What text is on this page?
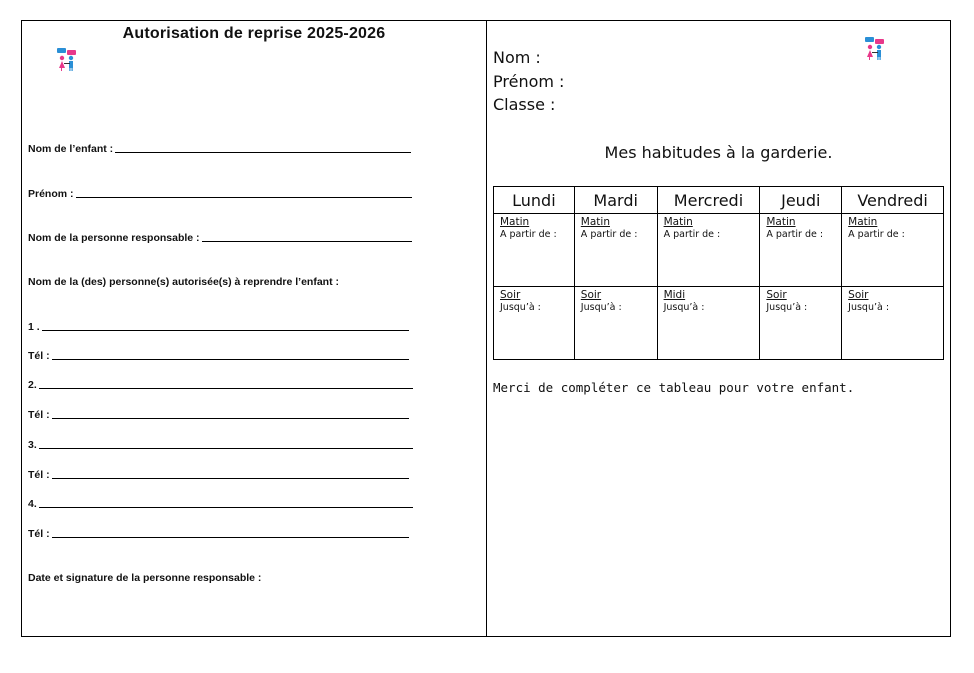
Autorisation de reprise 2025-2026
Nom de l’enfant :
Prénom :
Nom de la personne responsable :
Nom de la (des) personne(s) autorisée(s) à reprendre l’enfant :
1 .
Tél :
2.
Tél :
3.
Tél :
4.
Tél :
Date et signature de la personne responsable :
Nom :
Prénom :
Classe :
Mes habitudes à la garderie.
Lundi	Mardi	Mercredi	Jeudi	Vendredi

Matin
A partir de :	Matin
A partir de :	Matin
A partir de :	Matin
A partir de :	Matin
A partir de :

Soir
Jusqu’à :	Soir
Jusqu’à :	Midi
Jusqu’à :	Soir
Jusqu’à :	Soir
Jusqu’à :
Merci de compléter ce tableau pour votre enfant.
